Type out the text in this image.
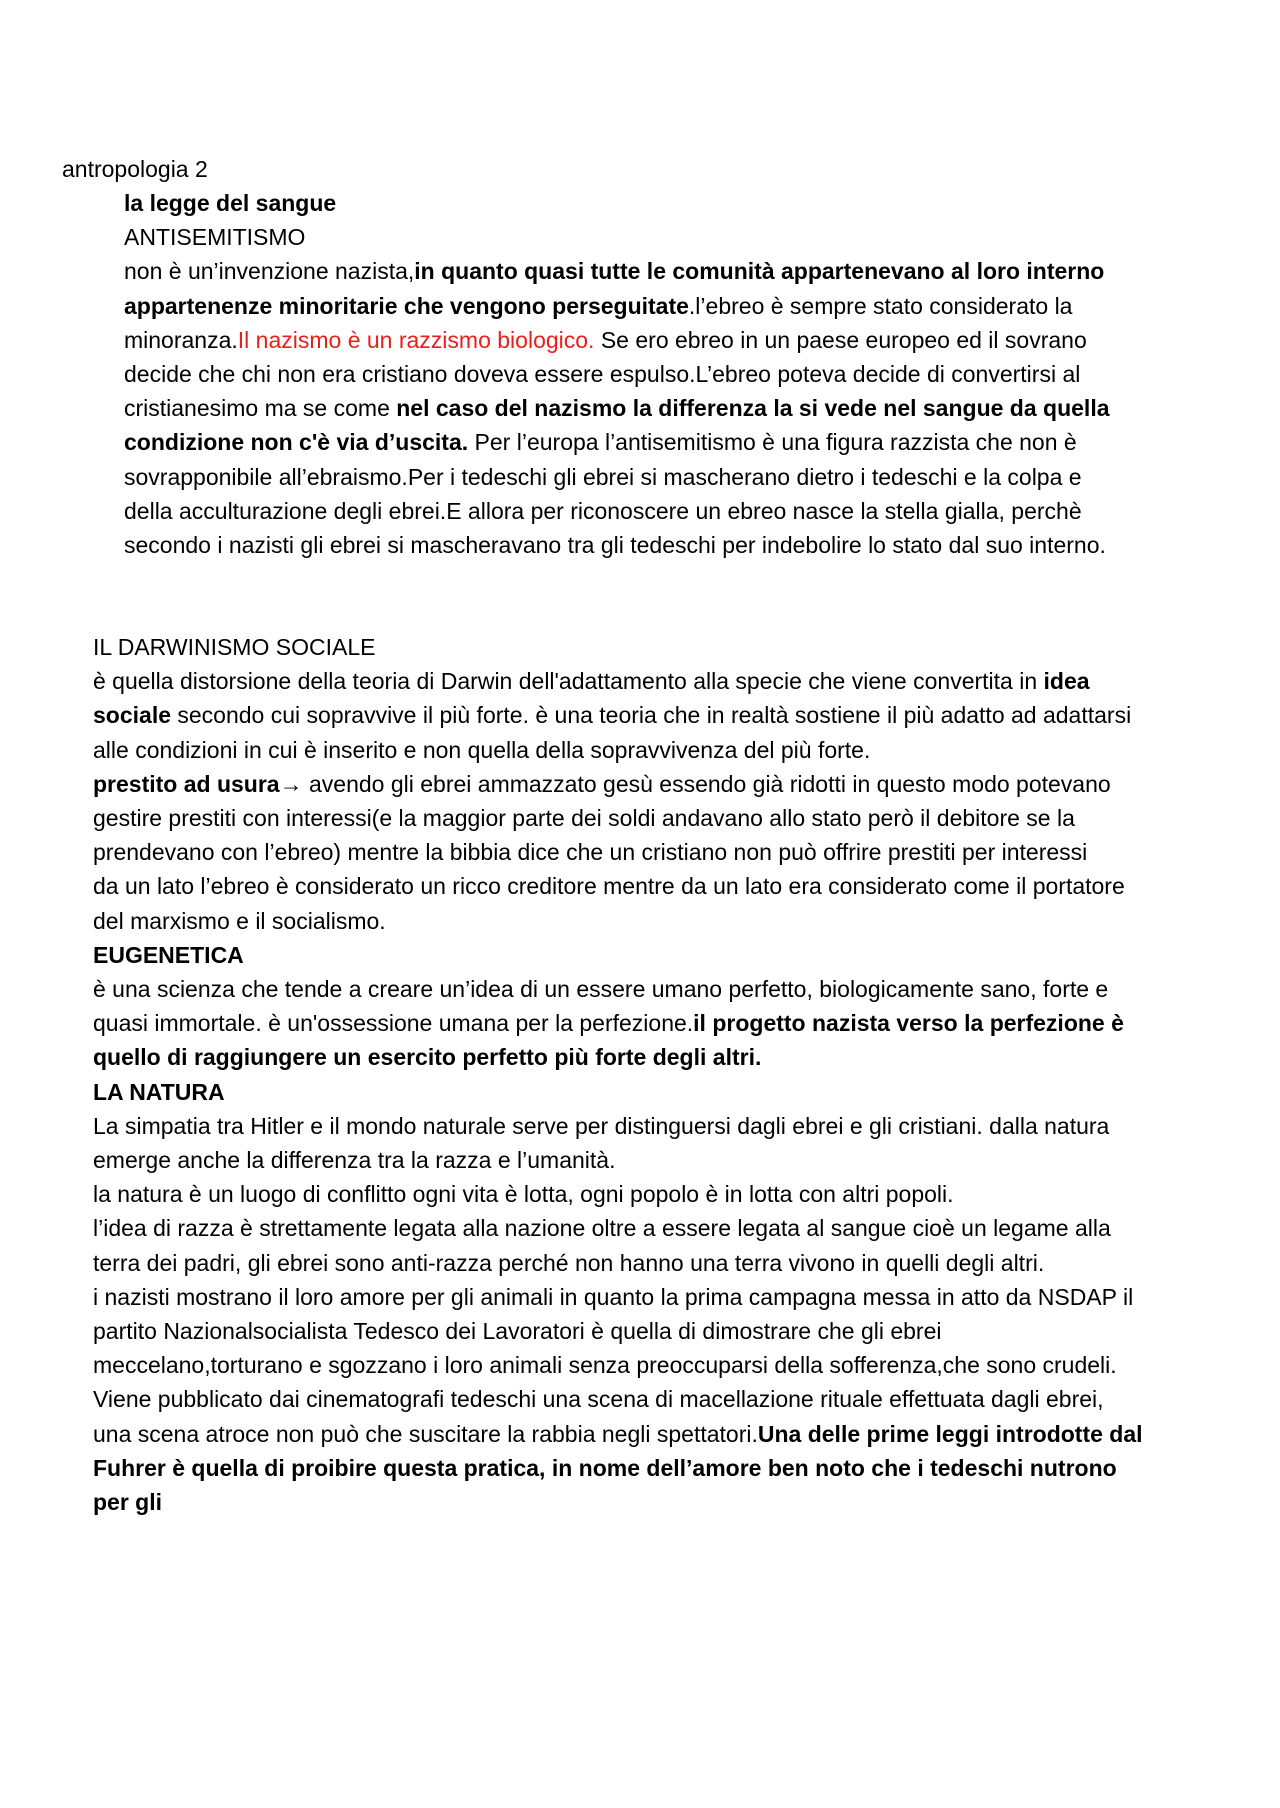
antropologia 2

la legge del sangue

ANTISEMITISMO

non è un’invenzione nazista,in quanto quasi tutte le comunità appartenevano al loro interno appartenenze minoritarie che vengono perseguitate.l’ebreo è sempre stato considerato la minoranza.Il nazismo è un razzismo biologico. Se ero ebreo in un paese europeo ed il sovrano decide che chi non era cristiano doveva essere espulso.L’ebreo poteva decide di convertirsi al cristianesimo ma se come nel caso del nazismo la differenza la si vede nel sangue da quella condizione non c'è via d’uscita. Per l’europa l’antisemitismo è una figura razzista che non è sovrapponibile all’ebraismo.Per i tedeschi gli ebrei si mascherano dietro i tedeschi e la colpa e della acculturazione degli ebrei.E allora per riconoscere un ebreo nasce la stella gialla, perchè secondo i nazisti gli ebrei si mascheravano tra gli tedeschi per indebolire lo stato dal suo interno.

IL DARWINISMO SOCIALE

è quella distorsione della teoria di Darwin dell'adattamento alla specie che viene convertita in idea sociale secondo cui sopravvive il più forte. è una teoria che in realtà sostiene il più adatto ad adattarsi alle condizioni in cui è inserito e non quella della sopravvivenza del più forte.

prestito ad usura→ avendo gli ebrei ammazzato gesù essendo già ridotti in questo modo potevano gestire prestiti con interessi(e la maggior parte dei soldi andavano allo stato però il debitore se la prendevano con l’ebreo) mentre la bibbia dice che un cristiano non può offrire prestiti per interessi

da un lato l’ebreo è considerato un ricco creditore mentre da un lato era considerato come il portatore del marxismo e il socialismo.

EUGENETICA

è una scienza che tende a creare un’idea di un essere umano perfetto, biologicamente sano, forte e quasi immortale. è un'ossessione umana per la perfezione.il progetto nazista verso la perfezione è quello di raggiungere un esercito perfetto più forte degli altri.

LA NATURA

La simpatia tra Hitler e il mondo naturale serve per distinguersi dagli ebrei e gli cristiani. dalla natura emerge anche la differenza tra la razza e l’umanità.

la natura è un luogo di conflitto ogni vita è lotta, ogni popolo è in lotta con altri popoli.

l’idea di razza è strettamente legata alla nazione oltre a essere legata al sangue cioè un legame alla terra dei padri, gli ebrei sono anti-razza perché non hanno una terra vivono in quelli degli altri.

i nazisti mostrano il loro amore per gli animali in quanto la prima campagna messa in atto da NSDAP il partito Nazionalsocialista Tedesco dei Lavoratori è quella di dimostrare che gli ebrei meccelano,torturano e sgozzano i loro animali senza preoccuparsi della sofferenza,che sono crudeli. Viene pubblicato dai cinematografi tedeschi una scena di macellazione rituale effettuata dagli ebrei, una scena atroce non può che suscitare la rabbia negli spettatori.Una delle prime leggi introdotte dal Fuhrer è quella di proibire questa pratica, in nome dell’amore ben noto che i tedeschi nutrono per gli
